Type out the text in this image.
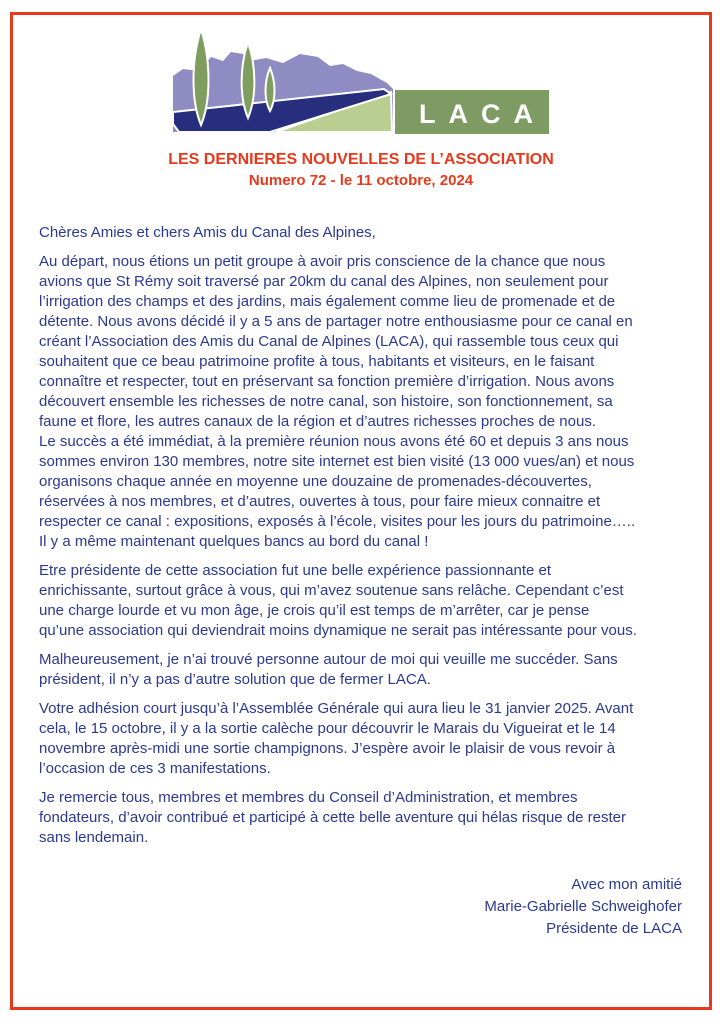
LACA
LES DERNIERES NOUVELLES DE L’ASSOCIATION
Numero 72 - le 11 octobre, 2024

Chères Amies et chers Amis du Canal des Alpines,

Au départ, nous étions un petit groupe à avoir pris conscience de la chance que nous
avions que St Rémy soit traversé par 20km du canal des Alpines, non seulement pour
l’irrigation des champs et des jardins, mais également comme lieu de promenade et de
détente. Nous avons décidé il y a 5 ans de partager notre enthousiasme pour ce canal en
créant l’Association des Amis du Canal de Alpines (LACA), qui rassemble tous ceux qui
souhaitent que ce beau patrimoine profite à tous, habitants et visiteurs, en le faisant
connaître et respecter, tout en préservant sa fonction première d’irrigation. Nous avons
découvert ensemble les richesses de notre canal, son histoire, son fonctionnement, sa
faune et flore, les autres canaux de la région et d’autres richesses proches de nous.
Le succès a été immédiat, à la première réunion nous avons été 60 et depuis 3 ans nous
sommes environ 130 membres, notre site internet est bien visité (13 000 vues/an) et nous
organisons chaque année en moyenne une douzaine de promenades-découvertes,
réservées à nos membres, et d’autres, ouvertes à tous, pour faire mieux connaitre et
respecter ce canal : expositions, exposés à l’école, visites pour les jours du patrimoine…..
Il y a même maintenant quelques bancs au bord du canal !

Etre présidente de cette association fut une belle expérience passionnante et
enrichissante, surtout grâce à vous, qui m’avez soutenue sans relâche. Cependant c’est
une charge lourde et vu mon âge, je crois qu’il est temps de m’arrêter, car je pense
qu’une association qui deviendrait moins dynamique ne serait pas intéressante pour vous.

Malheureusement, je n’ai trouvé personne autour de moi qui veuille me succéder. Sans
président, il n’y a pas d’autre solution que de fermer LACA.

Votre adhésion court jusqu’à l’Assemblée Générale qui aura lieu le 31 janvier 2025. Avant
cela, le 15 octobre, il y a la sortie calèche pour découvrir le Marais du Vigueirat et le 14
novembre après-midi une sortie champignons. J’espère avoir le plaisir de vous revoir à
l’occasion de ces 3 manifestations.

Je remercie tous, membres et membres du Conseil d’Administration, et membres
fondateurs, d’avoir contribué et participé à cette belle aventure qui hélas risque de rester
sans lendemain.

Avec mon amitié
Marie-Gabrielle Schweighofer
Présidente de LACA
